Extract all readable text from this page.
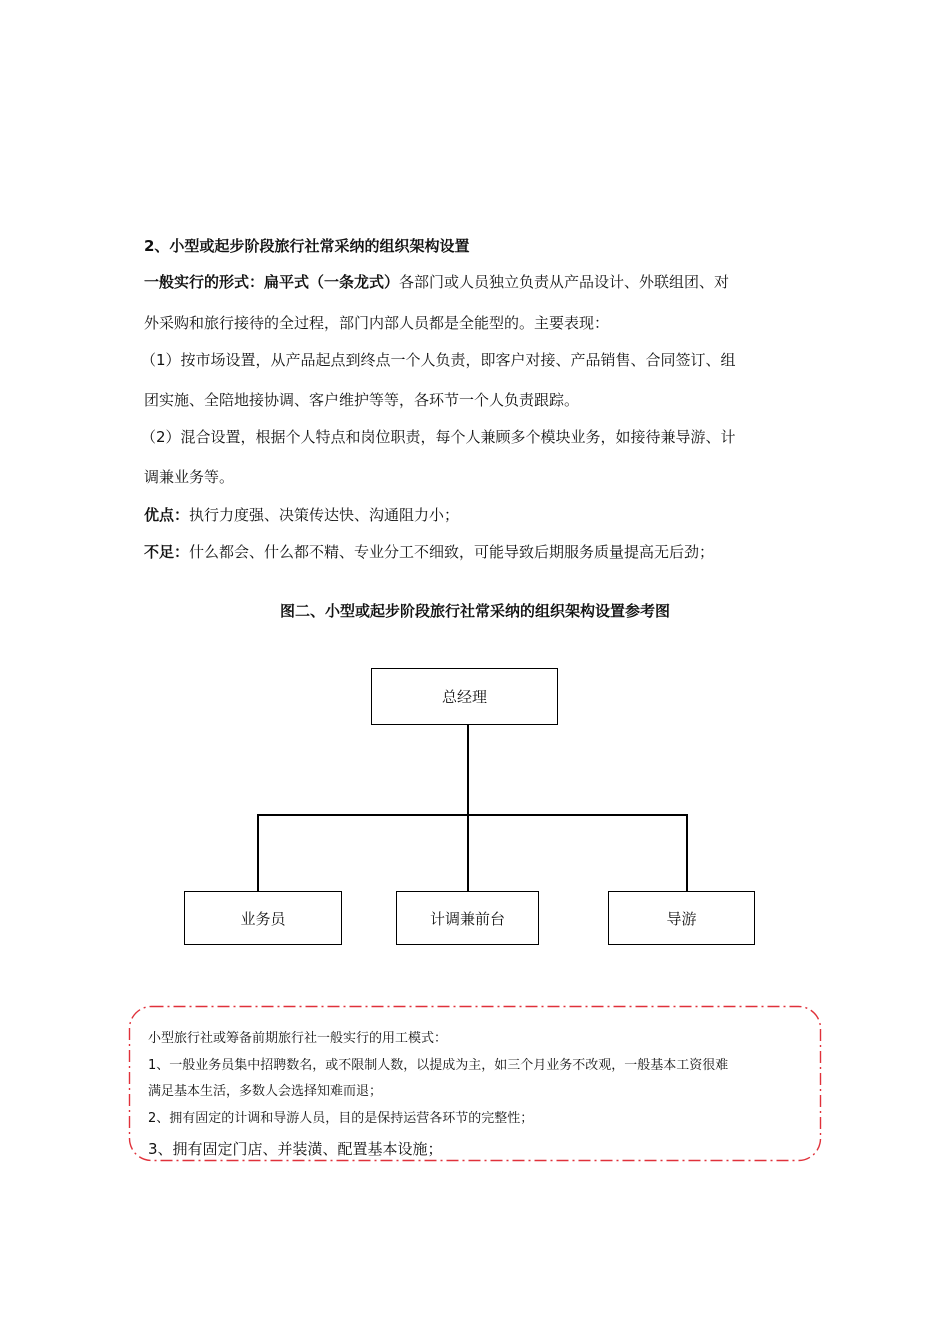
2、小型或起步阶段旅行社常采纳的组织架构设置
一般实行的形式：扁平式（一条龙式）各部门或人员独立负责从产品设计、外联组团、对
外采购和旅行接待的全过程，部门内部人员都是全能型的。主要表现：
（1）按市场设置，从产品起点到终点一个人负责，即客户对接、产品销售、合同签订、组
团实施、全陪地接协调、客户维护等等，各环节一个人负责跟踪。
（2）混合设置，根据个人特点和岗位职责，每个人兼顾多个模块业务，如接待兼导游、计
调兼业务等。
优点：执行力度强、决策传达快、沟通阻力小；
不足：什么都会、什么都不精、专业分工不细致，可能导致后期服务质量提高无后劲；
图二、小型或起步阶段旅行社常采纳的组织架构设置参考图
总经理
业务员	计调兼前台	导游
小型旅行社或筹备前期旅行社一般实行的用工模式：
1、一般业务员集中招聘数名，或不限制人数，以提成为主，如三个月业务不改观，一般基本工资很难
满足基本生活，多数人会选择知难而退；
2、拥有固定的计调和导游人员，目的是保持运营各环节的完整性；
3、拥有固定门店、并装潢、配置基本设施；
